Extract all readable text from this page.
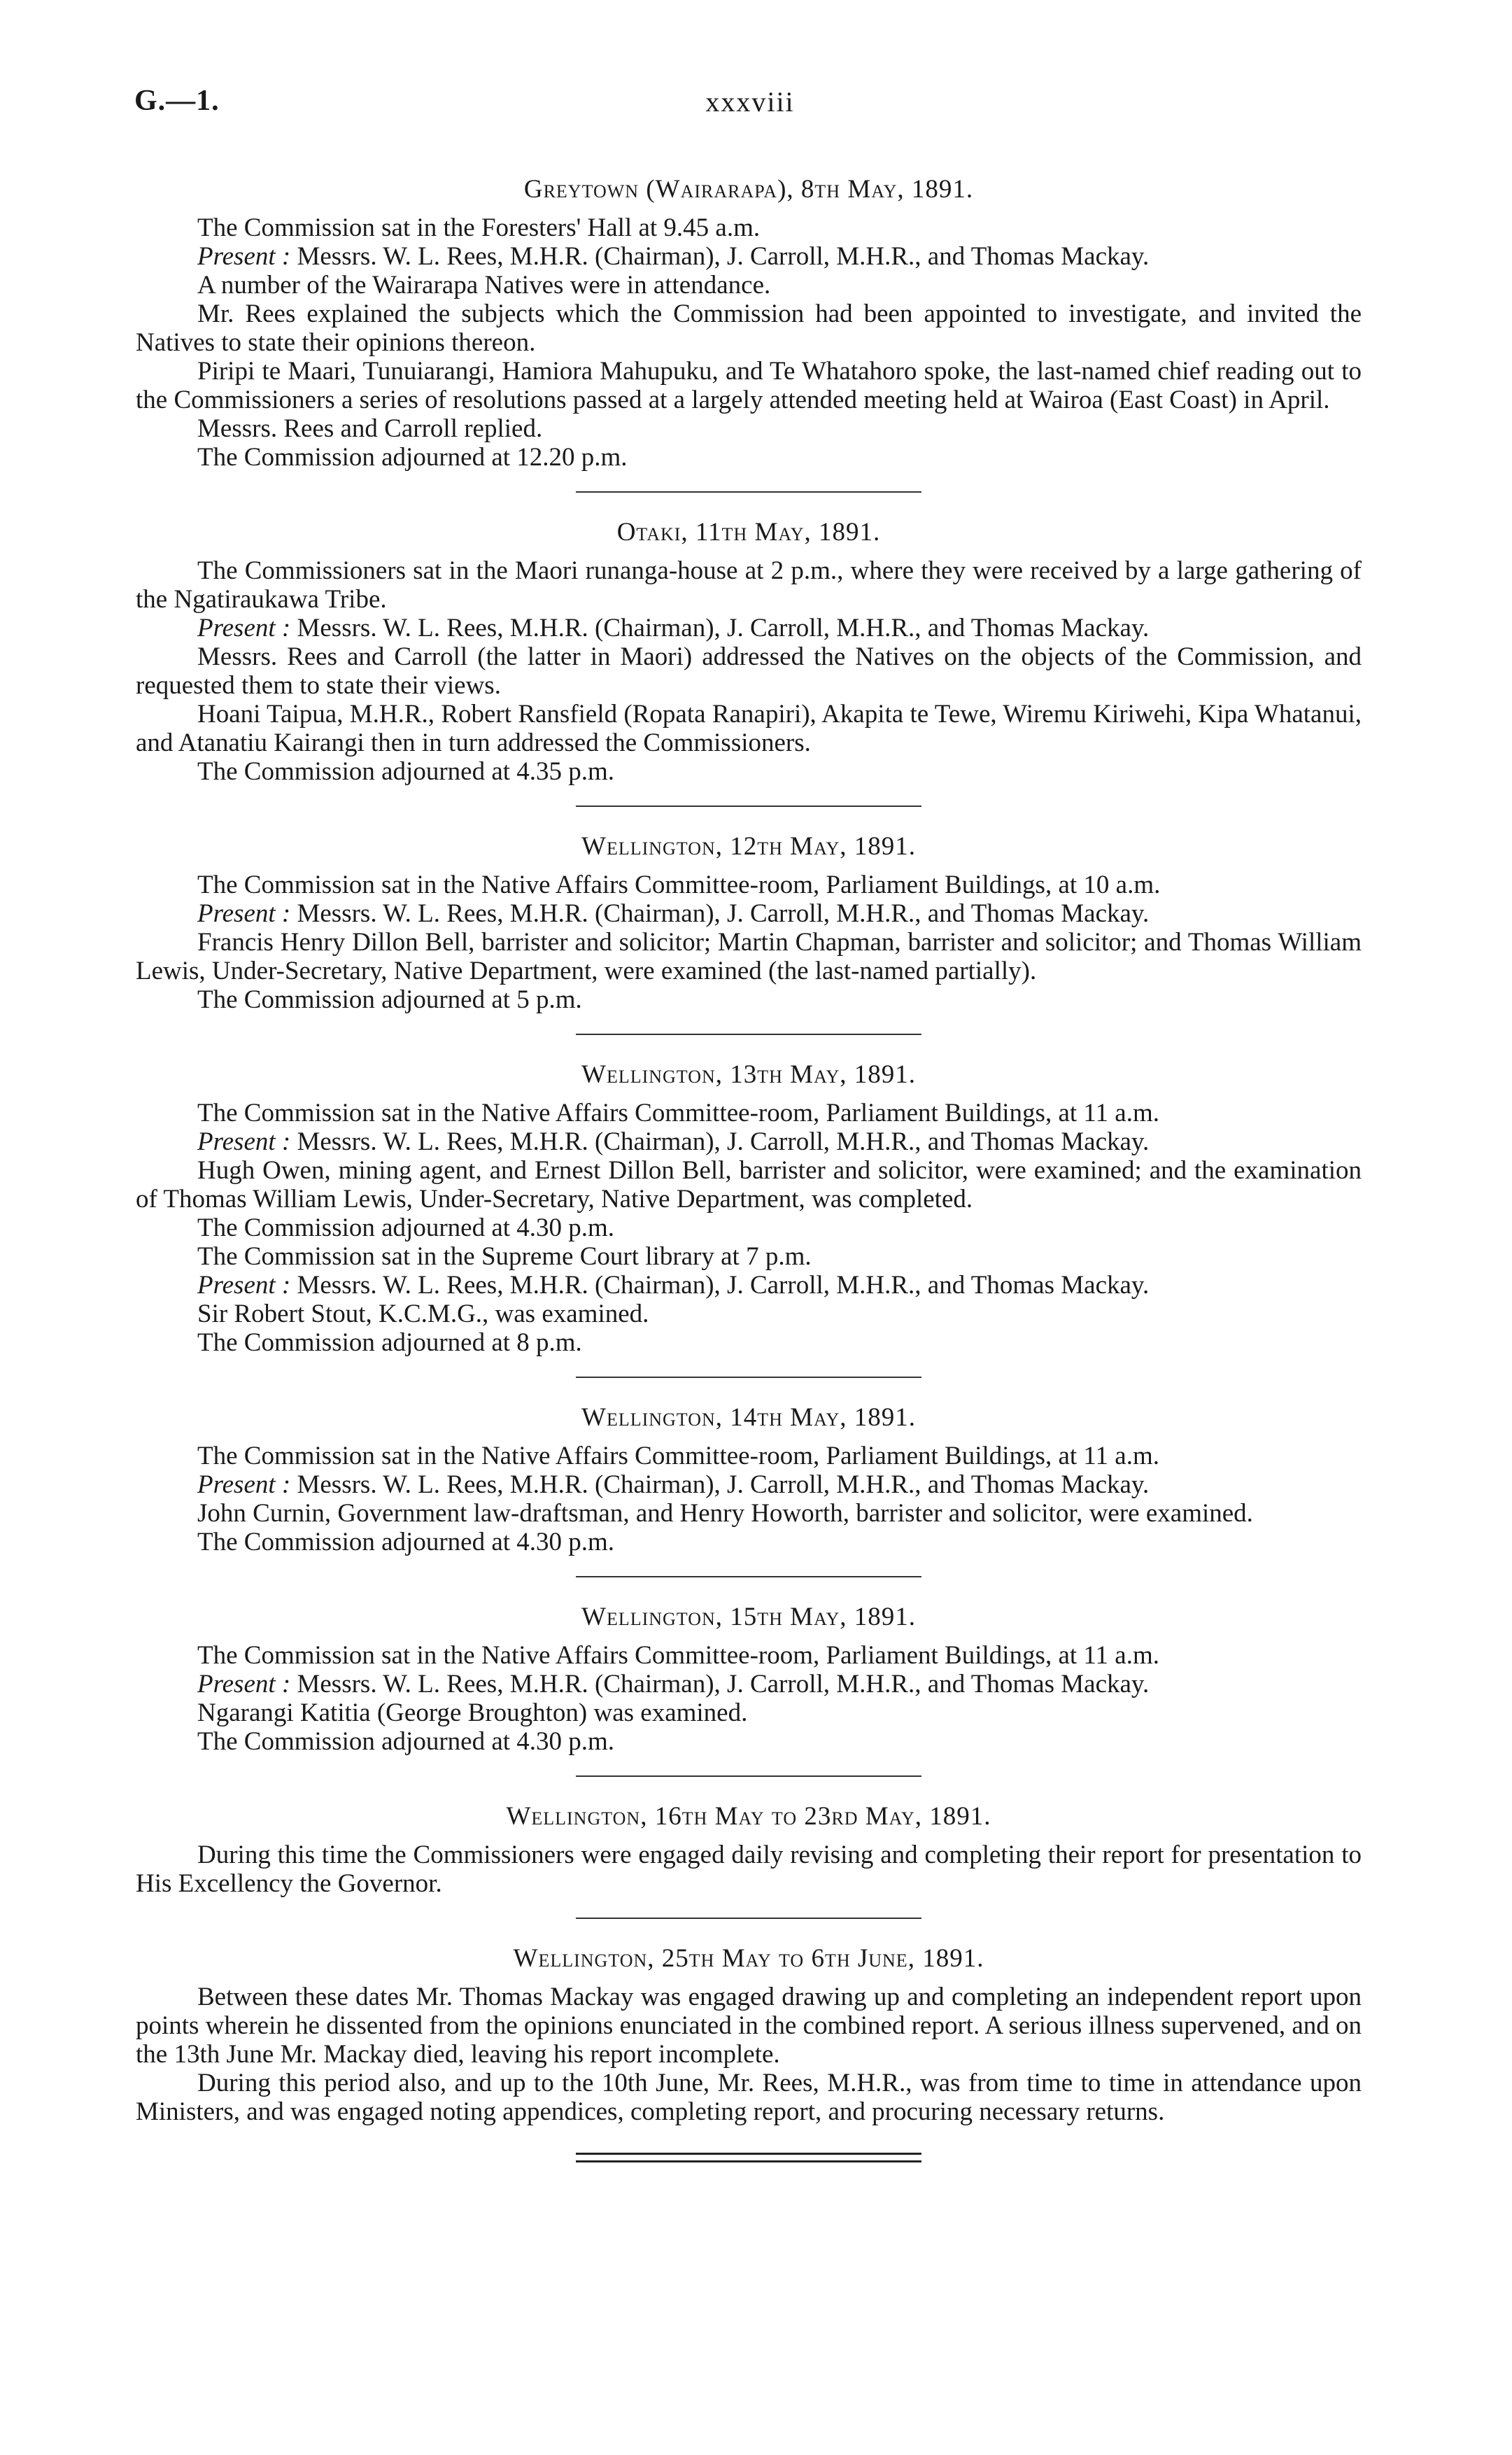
G.—1.	xxxviii
Greytown (Wairarapa), 8th May, 1891.

The Commission sat in the Foresters' Hall at 9.45 a.m.

Present : Messrs. W. L. Rees, M.H.R. (Chairman), J. Carroll, M.H.R., and Thomas Mackay.

A number of the Wairarapa Natives were in attendance.

Mr. Rees explained the subjects which the Commission had been appointed to investigate, and invited the Natives to state their opinions thereon.

Piripi te Maari, Tunuiarangi, Hamiora Mahupuku, and Te Whatahoro spoke, the last-named chief reading out to the Commissioners a series of resolutions passed at a largely attended meeting held at Wairoa (East Coast) in April.

Messrs. Rees and Carroll replied.

The Commission adjourned at 12.20 p.m.

Otaki, 11th May, 1891.

The Commissioners sat in the Maori runanga-house at 2 p.m., where they were received by a large gathering of the Ngatiraukawa Tribe.

Present : Messrs. W. L. Rees, M.H.R. (Chairman), J. Carroll, M.H.R., and Thomas Mackay.

Messrs. Rees and Carroll (the latter in Maori) addressed the Natives on the objects of the Commission, and requested them to state their views.

Hoani Taipua, M.H.R., Robert Ransfield (Ropata Ranapiri), Akapita te Tewe, Wiremu Kiriwehi, Kipa Whatanui, and Atanatiu Kairangi then in turn addressed the Commissioners.

The Commission adjourned at 4.35 p.m.

Wellington, 12th May, 1891.

The Commission sat in the Native Affairs Committee-room, Parliament Buildings, at 10 a.m.

Present : Messrs. W. L. Rees, M.H.R. (Chairman), J. Carroll, M.H.R., and Thomas Mackay.

Francis Henry Dillon Bell, barrister and solicitor; Martin Chapman, barrister and solicitor; and Thomas William Lewis, Under-Secretary, Native Department, were examined (the last-named partially).

The Commission adjourned at 5 p.m.

Wellington, 13th May, 1891.

The Commission sat in the Native Affairs Committee-room, Parliament Buildings, at 11 a.m.

Present : Messrs. W. L. Rees, M.H.R. (Chairman), J. Carroll, M.H.R., and Thomas Mackay.

Hugh Owen, mining agent, and Ernest Dillon Bell, barrister and solicitor, were examined; and the examination of Thomas William Lewis, Under-Secretary, Native Department, was completed.

The Commission adjourned at 4.30 p.m.

The Commission sat in the Supreme Court library at 7 p.m.

Present : Messrs. W. L. Rees, M.H.R. (Chairman), J. Carroll, M.H.R., and Thomas Mackay.

Sir Robert Stout, K.C.M.G., was examined.

The Commission adjourned at 8 p.m.

Wellington, 14th May, 1891.

The Commission sat in the Native Affairs Committee-room, Parliament Buildings, at 11 a.m.

Present : Messrs. W. L. Rees, M.H.R. (Chairman), J. Carroll, M.H.R., and Thomas Mackay.

John Curnin, Government law-draftsman, and Henry Howorth, barrister and solicitor, were examined.

The Commission adjourned at 4.30 p.m.

Wellington, 15th May, 1891.

The Commission sat in the Native Affairs Committee-room, Parliament Buildings, at 11 a.m.

Present : Messrs. W. L. Rees, M.H.R. (Chairman), J. Carroll, M.H.R., and Thomas Mackay.

Ngarangi Katitia (George Broughton) was examined.

The Commission adjourned at 4.30 p.m.

Wellington, 16th May to 23rd May, 1891.

During this time the Commissioners were engaged daily revising and completing their report for presentation to His Excellency the Governor.

Wellington, 25th May to 6th June, 1891.

Between these dates Mr. Thomas Mackay was engaged drawing up and completing an independent report upon points wherein he dissented from the opinions enunciated in the combined report. A serious illness supervened, and on the 13th June Mr. Mackay died, leaving his report incomplete.

During this period also, and up to the 10th June, Mr. Rees, M.H.R., was from time to time in attendance upon Ministers, and was engaged noting appendices, completing report, and procuring necessary returns.
